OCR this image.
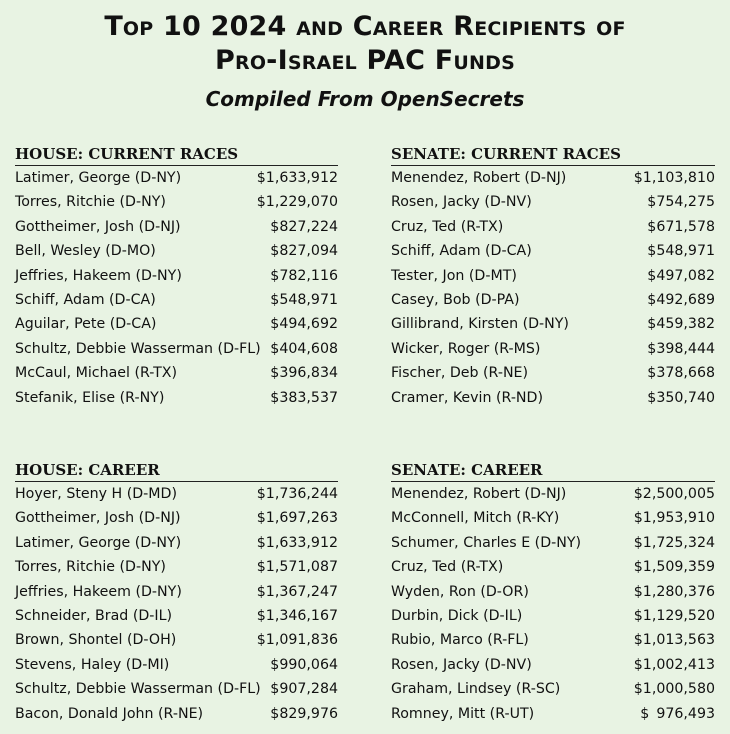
Top 10 2024 and Career Recipients of
Pro-Israel PAC Funds
Compiled From OpenSecrets
HOUSE: CURRENT RACES
Latimer, George (D-NY)	$1,633,912
Torres, Ritchie (D-NY)	$1,229,070
Gottheimer, Josh (D-NJ)	$827,224
Bell, Wesley (D-MO)	$827,094
Jeffries, Hakeem (D-NY)	$782,116
Schiff, Adam (D-CA)	$548,971
Aguilar, Pete (D-CA)	$494,692
Schultz, Debbie Wasserman (D-FL) $404,608
McCaul, Michael (R-TX)	$396,834
Stefanik, Elise (R-NY)	$383,537
SENATE: CURRENT RACES
Menendez, Robert (D-NJ)	$1,103,810
Rosen, Jacky (D-NV)	$754,275
Cruz, Ted (R-TX)	$671,578
Schiff, Adam (D-CA)	$548,971
Tester, Jon (D-MT)	$497,082
Casey, Bob (D-PA)	$492,689
Gillibrand, Kirsten (D-NY)	$459,382
Wicker, Roger (R-MS)	$398,444
Fischer, Deb (R-NE)	$378,668
Cramer, Kevin (R-ND)	$350,740
HOUSE: CAREER
Hoyer, Steny H (D-MD)	$1,736,244
Gottheimer, Josh (D-NJ)	$1,697,263
Latimer, George (D-NY)	$1,633,912
Torres, Ritchie (D-NY)	$1,571,087
Jeffries, Hakeem (D-NY)	$1,367,247
Schneider, Brad (D-IL)	$1,346,167
Brown, Shontel (D-OH)	$1,091,836
Stevens, Haley (D-MI)	$990,064
Schultz, Debbie Wasserman (D-FL) $907,284
Bacon, Donald John (R-NE)	$829,976
SENATE: CAREER
Menendez, Robert (D-NJ)	$2,500,005
McConnell, Mitch (R-KY)	$1,953,910
Schumer, Charles E (D-NY)	$1,725,324
Cruz, Ted (R-TX)	$1,509,359
Wyden, Ron (D-OR)	$1,280,376
Durbin, Dick (D-IL)	$1,129,520
Rubio, Marco (R-FL)	$1,013,563
Rosen, Jacky (D-NV)	$1,002,413
Graham, Lindsey (R-SC)	$1,000,580
Romney, Mitt (R-UT)	$ 976,493
